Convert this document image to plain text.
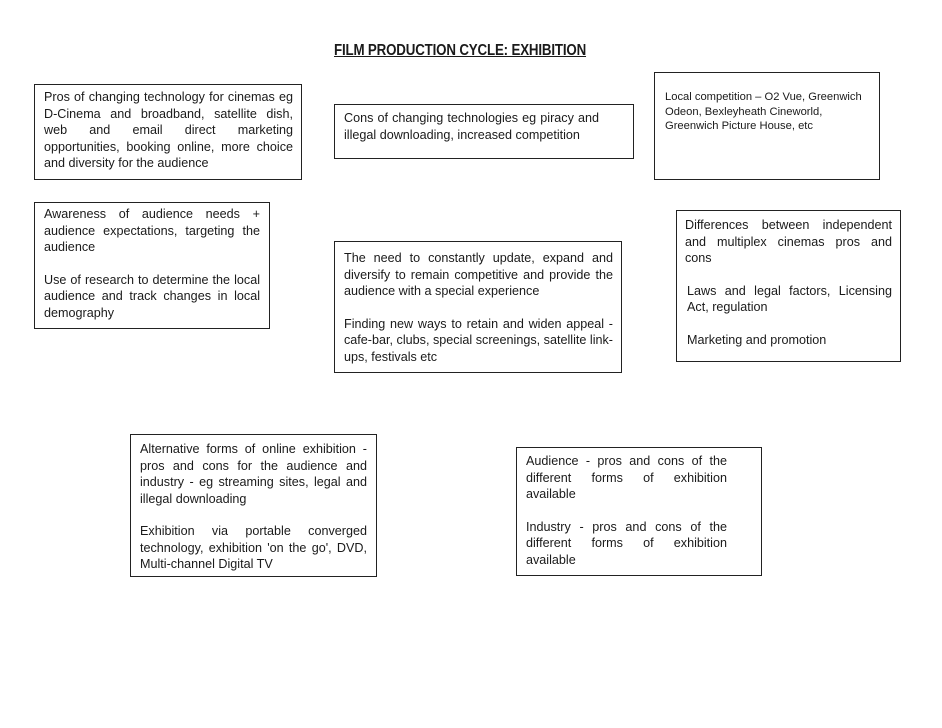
FILM PRODUCTION CYCLE: EXHIBITION

Pros of changing technology for cinemas eg D-Cinema and broadband, satellite dish, web and email direct marketing opportunities, booking online, more choice and diversity for the audience

Cons of changing technologies eg piracy and illegal downloading, increased competition

Local competition – O2 Vue, Greenwich Odeon, Bexleyheath Cineworld, Greenwich Picture House, etc

Awareness of audience needs + audience expectations, targeting the audience

Use of research to determine the local audience and track changes in local demography

The need to constantly update, expand and diversify to remain competitive and provide the audience with a special experience

Finding new ways to retain and widen appeal - cafe-bar, clubs, special screenings, satellite link-ups, festivals etc

Differences between independent and multiplex cinemas pros and cons

Laws and legal factors, Licensing Act, regulation

Marketing and promotion

Alternative forms of online exhibition - pros and cons for the audience and industry - eg streaming sites, legal and illegal downloading

Exhibition via portable converged technology, exhibition 'on the go', DVD, Multi-channel Digital TV

Audience - pros and cons of the different forms of exhibition available

Industry - pros and cons of the different forms of exhibition available
